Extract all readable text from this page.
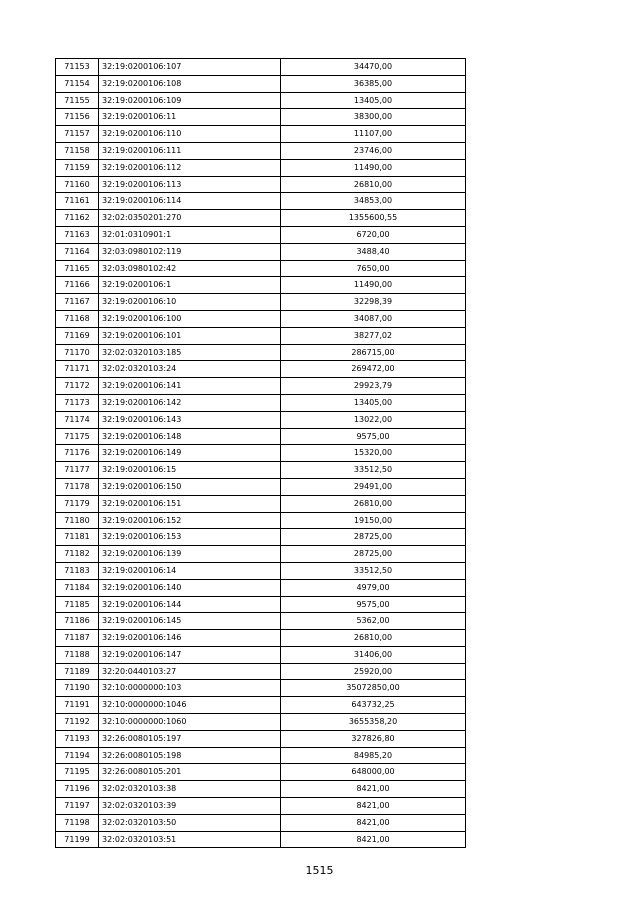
71153	32:19:0200106:107	34470,00
71154	32:19:0200106:108	36385,00
71155	32:19:0200106:109	13405,00
71156	32:19:0200106:11	38300,00
71157	32:19:0200106:110	11107,00
71158	32:19:0200106:111	23746,00
71159	32:19:0200106:112	11490,00
71160	32:19:0200106:113	26810,00
71161	32:19:0200106:114	34853,00
71162	32:02:0350201:270	1355600,55
71163	32:01:0310901:1	6720,00
71164	32:03:0980102:119	3488,40
71165	32:03:0980102:42	7650,00
71166	32:19:0200106:1	11490,00
71167	32:19:0200106:10	32298,39
71168	32:19:0200106:100	34087,00
71169	32:19:0200106:101	38277,02
71170	32:02:0320103:185	286715,00
71171	32:02:0320103:24	269472,00
71172	32:19:0200106:141	29923,79
71173	32:19:0200106:142	13405,00
71174	32:19:0200106:143	13022,00
71175	32:19:0200106:148	9575,00
71176	32:19:0200106:149	15320,00
71177	32:19:0200106:15	33512,50
71178	32:19:0200106:150	29491,00
71179	32:19:0200106:151	26810,00
71180	32:19:0200106:152	19150,00
71181	32:19:0200106:153	28725,00
71182	32:19:0200106:139	28725,00
71183	32:19:0200106:14	33512,50
71184	32:19:0200106:140	4979,00
71185	32:19:0200106:144	9575,00
71186	32:19:0200106:145	5362,00
71187	32:19:0200106:146	26810,00
71188	32:19:0200106:147	31406,00
71189	32:20:0440103:27	25920,00
71190	32:10:0000000:103	35072850,00
71191	32:10:0000000:1046	643732,25
71192	32:10:0000000:1060	3655358,20
71193	32:26:0080105:197	327826,80
71194	32:26:0080105:198	84985,20
71195	32:26:0080105:201	648000,00
71196	32:02:0320103:38	8421,00
71197	32:02:0320103:39	8421,00
71198	32:02:0320103:50	8421,00
71199	32:02:0320103:51	8421,00
1515
